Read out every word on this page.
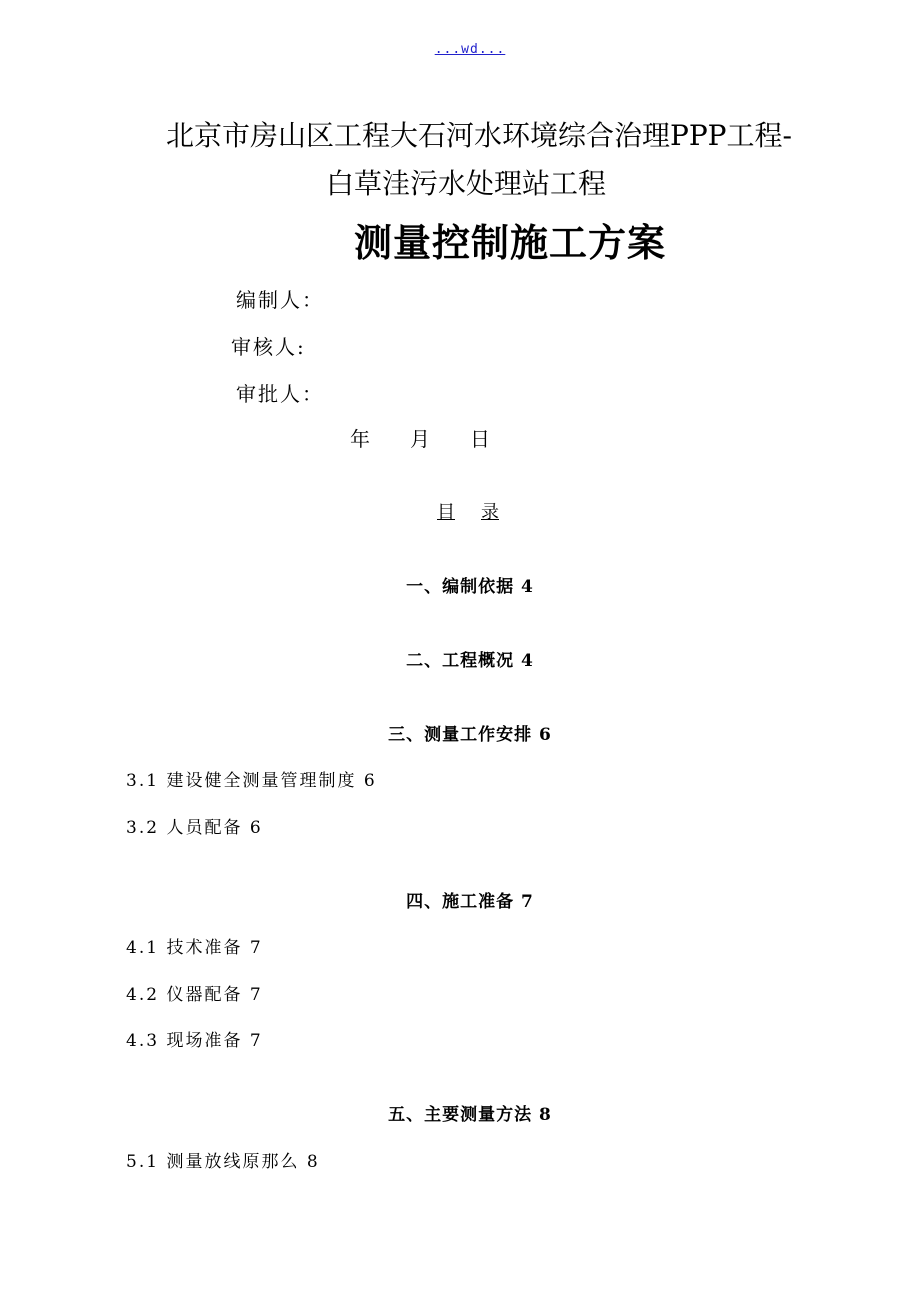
...wd...
北京市房山区工程大石河水环境综合治理PPP工程-
白草洼污水处理站工程
测量控制施工方案
编制人：
审核人:
审批人：
年 月 日
目 录
一、编制依据 4
二、工程概况 4
三、测量工作安排 6
3.1 建设健全测量管理制度 6
3.2 人员配备 6
四、施工准备 7
4.1 技术准备 7
4.2 仪器配备 7
4.3 现场准备 7
五、主要测量方法 8
5.1 测量放线原那么 8
